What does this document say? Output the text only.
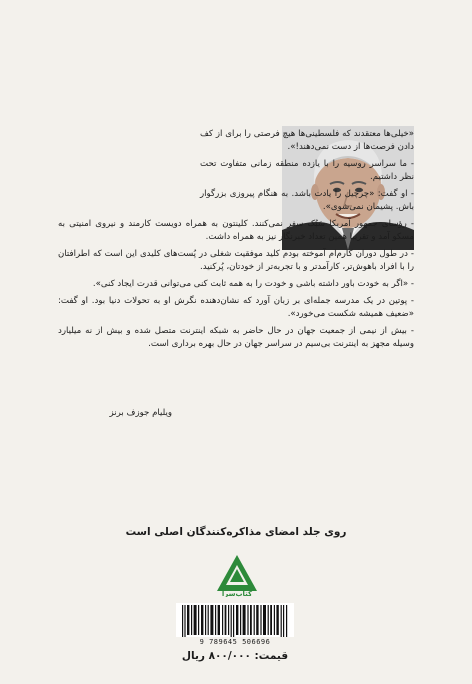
«خیلی‌ها معتقدند که فلسطینی‌ها هیچ فرصتی را برای از کف دادن فرصت‌ها از دست نمی‌دهند!».

- ما سراسر روسیه را با یازده منطقه زمانی متفاوت تحت نظر داشتیم.

- او گفت: «چرچیل را یادت باشد. به هنگام پیروزی بزرگوار باش. پشیمان نمی‌شوی».

- رؤسای جمهور آمریکا سَبُک سفر نمی‌کنند. کلینتون به همراه دویست کارمند و نیروی امنیتی به مسکو آمد و تقریبا همین تعداد خبرنگار نیز به همراه داشت.

- در طول دوران کارم‌ام آموخته بودم کلید موفقیت شغلی در پُست‌های کلیدی این است که اطرافتان را با افراد باهوش‌تر، کارآمدتر و با تجربه‌تر از خودتان، پُرکنید.

- «اگر به خودت باور داشته باشی و خودت را به همه ثابت کنی می‌توانی قدرت ایجاد کنی».

- پوتین در یک مدرسه جمله‌ای بر زبان آورد که نشان‌دهنده نگرش او به تحولات دنیا بود. او گفت: «ضعیف همیشه شکست می‌خورد».

- بیش از نیمی از جمعیت جهان در حال حاضر به شبکه اینترنت متصل شده و بیش از نه میلیارد وسیله مجهز به اینترنت بی‌سیم در سراسر جهان در حال بهره برداری است.

ویلیام جوزف برنز
روی جلد امضای مذاکره‌کنندگان اصلی است
کتاب‌سرا
9 789645 506696
قیمت: ۸۰۰/۰۰۰ ریال
